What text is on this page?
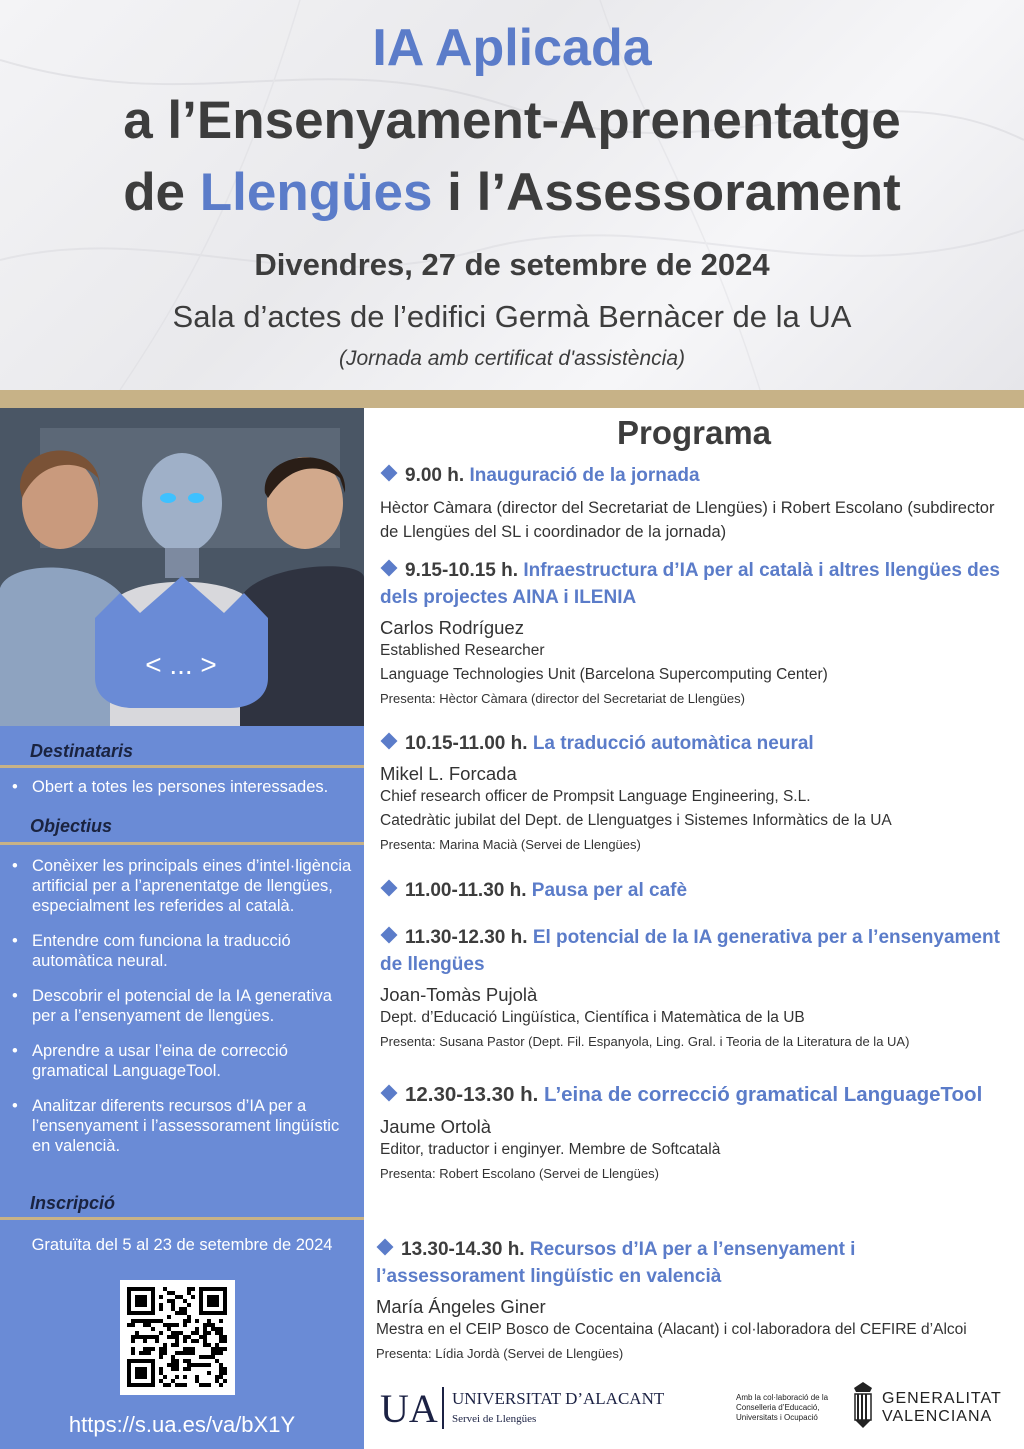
IA Aplicada
a l’Ensenyament-Aprenentatge
de Llengües i l’Assessorament
Divendres, 27 de setembre de 2024
Sala d’actes de l’edifici Germà Bernàcer de la UA
(Jornada amb certificat d'assistència)
< ... >
Destinataris
• Obert a totes les persones interessades.
Objectius
• Conèixer les principals eines d’intel·ligència artificial per a l’aprenentatge de llengües, especialment les referides al català.
• Entendre com funciona la traducció automàtica neural.
• Descobrir el potencial de la IA generativa per a l’ensenyament de llengües.
• Aprendre a usar l’eina de correcció gramatical LanguageTool.
• Analitzar diferents recursos d’IA per a l’ensenyament i l’assessorament lingüístic en valencià.
Inscripció
Gratuïta del 5 al 23 de setembre de 2024
https://s.ua.es/va/bX1Y
Programa
9.00 h. Inauguració de la jornada
Hèctor Càmara (director del Secretariat de Llengües) i Robert Escolano (subdirector de Llengües del SL i coordinador de la jornada)
9.15-10.15 h. Infraestructura d’IA per al català i altres llengües des dels projectes AINA i ILENIA
Carlos Rodríguez
Established Researcher
Language Technologies Unit (Barcelona Supercomputing Center)
Presenta: Hèctor Càmara (director del Secretariat de Llengües)
10.15-11.00 h. La traducció automàtica neural
Mikel L. Forcada
Chief research officer de Prompsit Language Engineering, S.L.
Catedràtic jubilat del Dept. de Llenguatges i Sistemes Informàtics de la UA
Presenta: Marina Macià (Servei de Llengües)
11.00-11.30 h. Pausa per al cafè
11.30-12.30 h. El potencial de la IA generativa per a l’ensenyament de llengües
Joan-Tomàs Pujolà
Dept. d’Educació Lingüística, Científica i Matemàtica de la UB
Presenta: Susana Pastor (Dept. Fil. Espanyola, Ling. Gral. i Teoria de la Literatura de la UA)
12.30-13.30 h. L’eina de correcció gramatical LanguageTool
Jaume Ortolà
Editor, traductor i enginyer. Membre de Softcatalà
Presenta: Robert Escolano (Servei de Llengües)
13.30-14.30 h. Recursos d’IA per a l’ensenyament i l’assessorament lingüístic en valencià
María Ángeles Giner
Mestra en el CEIP Bosco de Cocentaina (Alacant) i col·laboradora del CEFIRE d’Alcoi
Presenta: Lídia Jordà (Servei de Llengües)
UA UNIVERSITAT D’ALACANT
Servei de Llengües
Amb la col·laboració de la Conselleria d’Educació, Universitats i Ocupació
GENERALITAT
VALENCIANA
